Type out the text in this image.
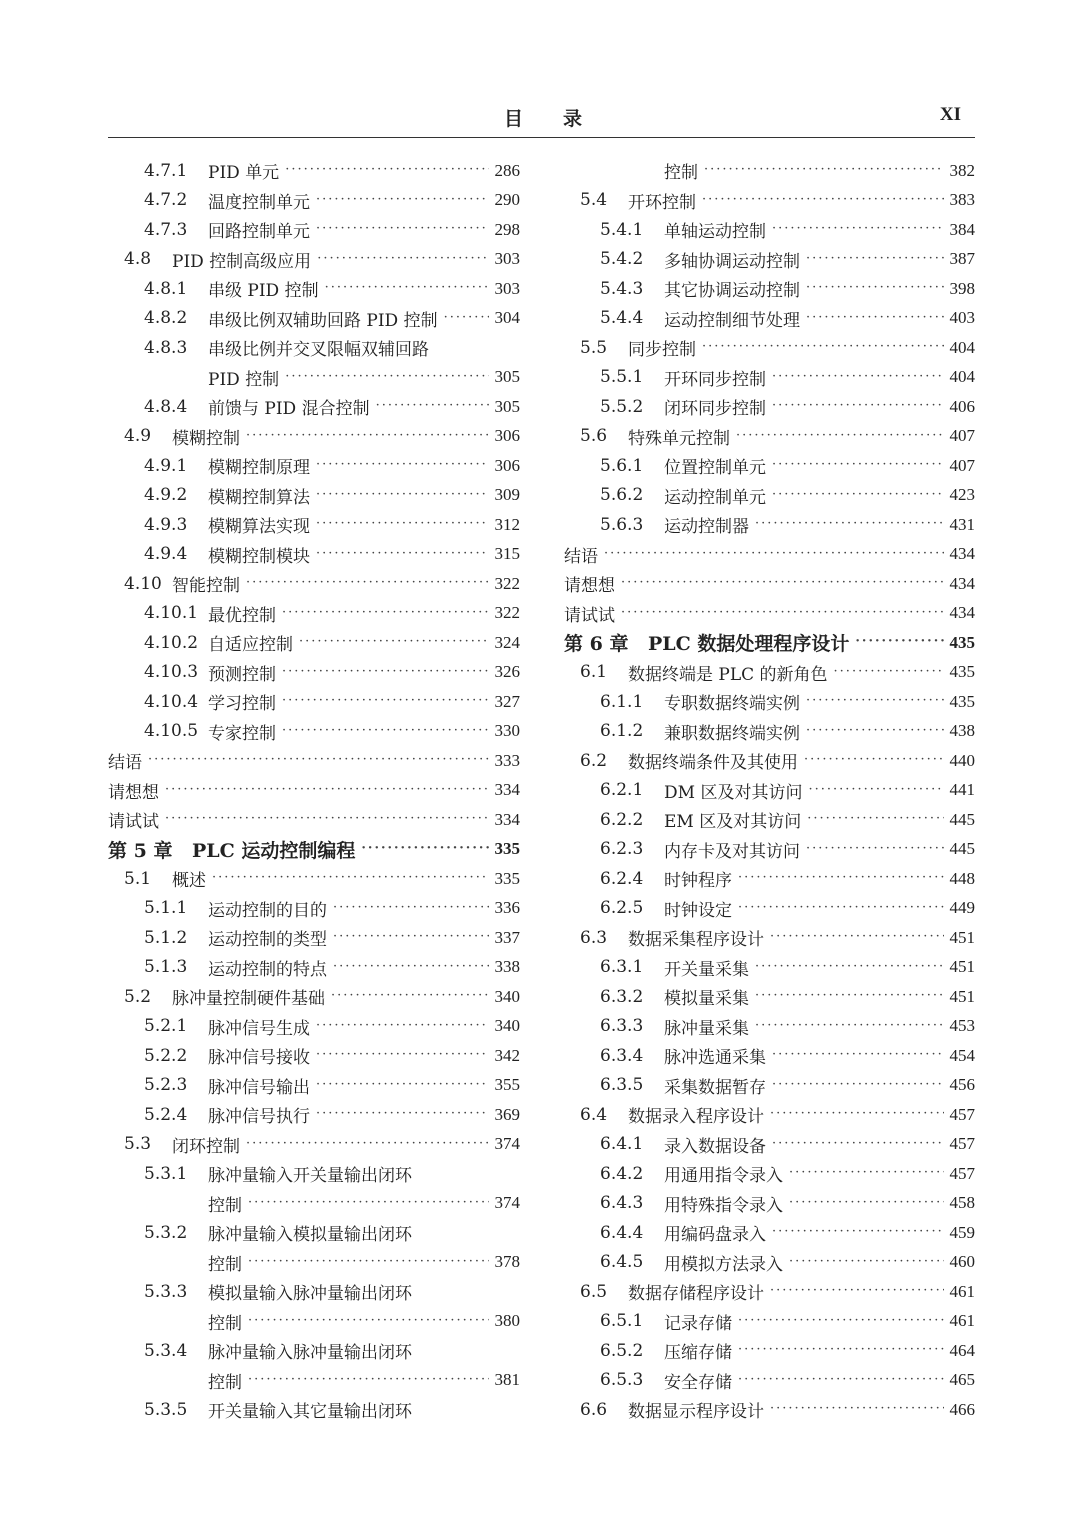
目录	XI
4.7.1	PID 单元 ·····	286
4.7.2	温度控制单元 ·····	290
4.7.3	回路控制单元 ·····	298
4.8	PID 控制高级应用 ·····	303
4.8.1	串级 PID 控制 ·····	303
4.8.2	串级比例双辅助回路 PID 控制 ·····	304
4.8.3	串级比例并交叉限幅双辅回路
PID 控制 ·····	305
4.8.4	前馈与 PID 混合控制 ·····	305
4.9	模糊控制 ·····	306
4.9.1	模糊控制原理 ·····	306
4.9.2	模糊控制算法 ·····	309
4.9.3	模糊算法实现 ·····	312
4.9.4	模糊控制模块 ·····	315
4.10 智能控制 ·····	322
4.10.1 最优控制 ·····	322
4.10.2 自适应控制 ·····	324
4.10.3 预测控制 ·····	326
4.10.4 学习控制 ·····	327
4.10.5 专家控制 ·····	330
结语 ·····	333
请想想 ·····	334
请试试 ·····	334
第 5 章	PLC 运动控制编程 ·····	335
5.1	概述 ·····	335
5.1.1	运动控制的目的 ·····	336
5.1.2	运动控制的类型 ·····	337
5.1.3	运动控制的特点 ·····	338
5.2	脉冲量控制硬件基础 ·····	340
5.2.1	脉冲信号生成 ·····	340
5.2.2	脉冲信号接收 ·····	342
5.2.3	脉冲信号输出 ·····	355
5.2.4	脉冲信号执行 ·····	369
5.3	闭环控制 ·····	374
5.3.1	脉冲量输入开关量输出闭环
控制 ·····	374
5.3.2	脉冲量输入模拟量输出闭环
控制 ·····	378
5.3.3	模拟量输入脉冲量输出闭环
控制 ·····	380
5.3.4	脉冲量输入脉冲量输出闭环
控制 ·····	381
5.3.5	开关量输入其它量输出闭环
控制 ·····	382
5.4	开环控制 ·····	383
5.4.1	单轴运动控制 ·····	384
5.4.2	多轴协调运动控制 ·····	387
5.4.3	其它协调运动控制 ·····	398
5.4.4	运动控制细节处理 ·····	403
5.5	同步控制 ·····	404
5.5.1	开环同步控制 ·····	404
5.5.2	闭环同步控制 ·····	406
5.6	特殊单元控制 ·····	407
5.6.1	位置控制单元 ·····	407
5.6.2	运动控制单元 ·····	423
5.6.3	运动控制器 ·····	431
结语 ·····	434
请想想 ·····	434
请试试 ·····	434
第 6 章	PLC 数据处理程序设计 ·····	435
6.1	数据终端是 PLC 的新角色 ·····	435
6.1.1	专职数据终端实例 ·····	435
6.1.2	兼职数据终端实例 ·····	438
6.2	数据终端条件及其使用 ·····	440
6.2.1	DM 区及对其访问 ·····	441
6.2.2	EM 区及对其访问 ·····	445
6.2.3	内存卡及对其访问 ·····	445
6.2.4	时钟程序 ·····	448
6.2.5	时钟设定 ·····	449
6.3	数据采集程序设计 ·····	451
6.3.1	开关量采集 ·····	451
6.3.2	模拟量采集 ·····	451
6.3.3	脉冲量采集 ·····	453
6.3.4	脉冲选通采集 ·····	454
6.3.5	采集数据暂存 ·····	456
6.4	数据录入程序设计 ·····	457
6.4.1	录入数据设备 ·····	457
6.4.2	用通用指令录入 ·····	457
6.4.3	用特殊指令录入 ·····	458
6.4.4	用编码盘录入 ·····	459
6.4.5	用模拟方法录入 ·····	460
6.5	数据存储程序设计 ·····	461
6.5.1	记录存储 ·····	461
6.5.2	压缩存储 ·····	464
6.5.3	安全存储 ·····	465
6.6	数据显示程序设计 ·····	466
